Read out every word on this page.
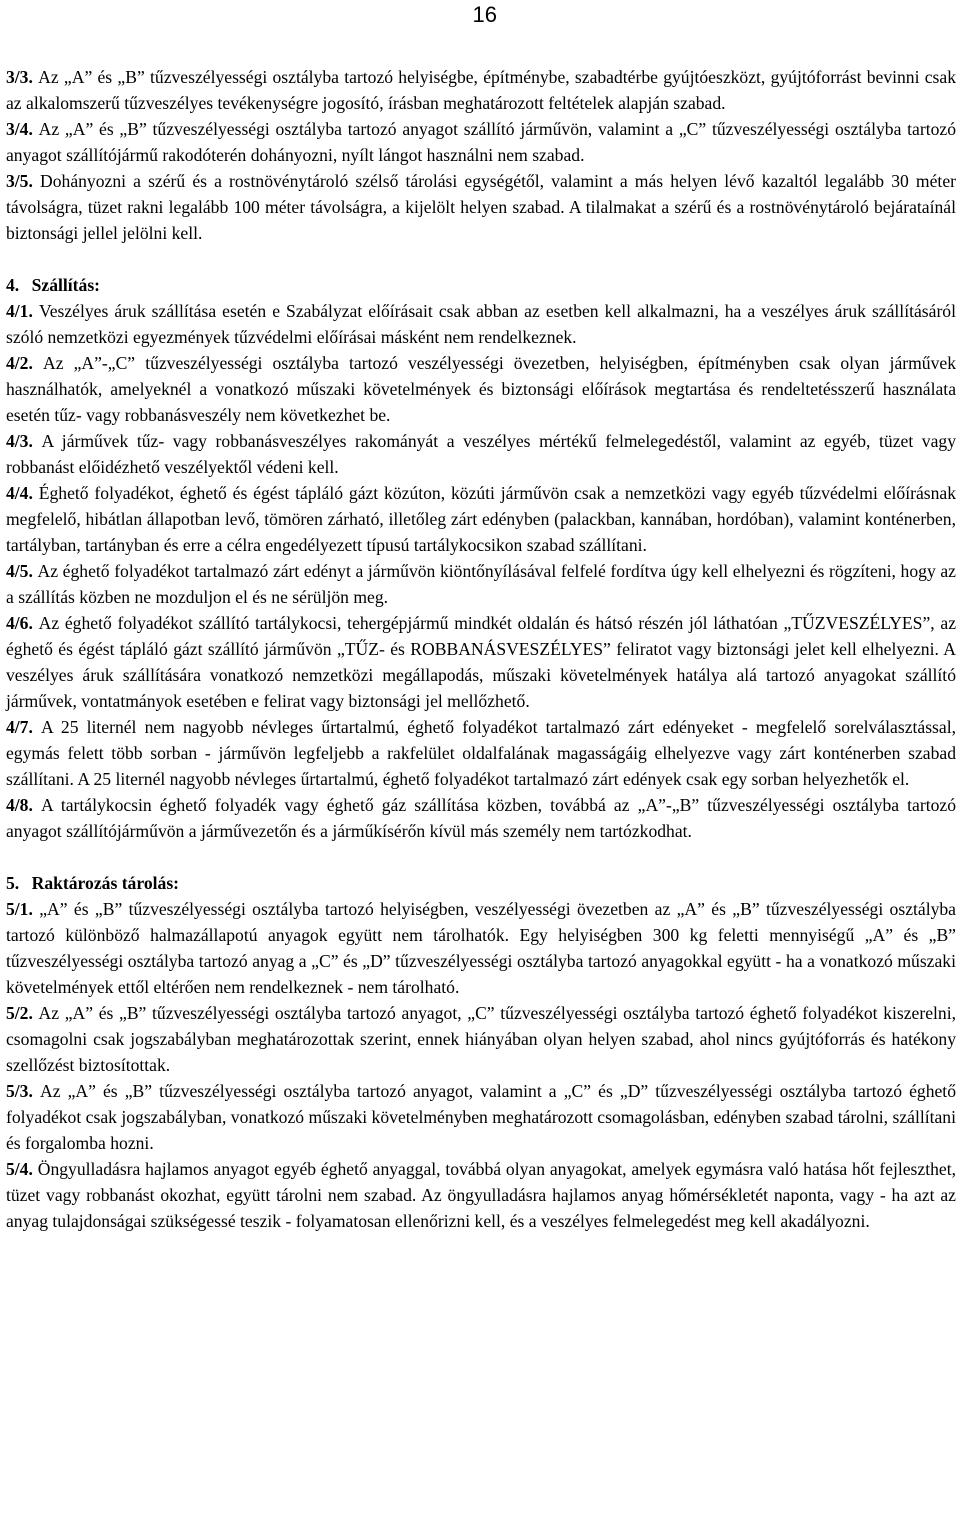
16

3/3. Az „A” és „B” tűzveszélyességi osztályba tartozó helyiségbe, építménybe, szabadtérbe gyújtóeszközt, gyújtóforrást bevinni csak az alkalomszerű tűzveszélyes tevékenységre jogosító, írásban meghatározott feltételek alapján szabad.

3/4. Az „A” és „B” tűzveszélyességi osztályba tartozó anyagot szállító járművön, valamint a „C” tűzveszélyességi osztályba tartozó anyagot szállítójármű rakodóterén dohányozni, nyílt lángot használni nem szabad.

3/5. Dohányozni a szérű és a rostnövénytároló szélső tárolási egységétől, valamint a más helyen lévő kazaltól legalább 30 méter távolságra, tüzet rakni legalább 100 méter távolságra, a kijelölt helyen szabad. A tilalmakat a szérű és a rostnövénytároló bejárataínál biztonsági jellel jelölni kell.

4. Szállítás:

4/1. Veszélyes áruk szállítása esetén e Szabályzat előírásait csak abban az esetben kell alkalmazni, ha a veszélyes áruk szállításáról szóló nemzetközi egyezmények tűzvédelmi előírásai másként nem rendelkeznek.

4/2. Az „A”-„C” tűzveszélyességi osztályba tartozó veszélyességi övezetben, helyiségben, építményben csak olyan járművek használhatók, amelyeknél a vonatkozó műszaki követelmények és biztonsági előírások megtartása és rendeltetésszerű használata esetén tűz- vagy robbanásveszély nem következhet be.

4/3. A járművek tűz- vagy robbanásveszélyes rakományát a veszélyes mértékű felmelegedéstől, valamint az egyéb, tüzet vagy robbanást előidézhető veszélyektől védeni kell.

4/4. Éghető folyadékot, éghető és égést tápláló gázt közúton, közúti járművön csak a nemzetközi vagy egyéb tűzvédelmi előírásnak megfelelő, hibátlan állapotban levő, tömören zárható, illetőleg zárt edényben (palackban, kannában, hordóban), valamint konténerben, tartályban, tartányban és erre a célra engedélyezett típusú tartálykocsikon szabad szállítani.

4/5. Az éghető folyadékot tartalmazó zárt edényt a járművön kiöntőnyílásával felfelé fordítva úgy kell elhelyezni és rögzíteni, hogy az a szállítás közben ne mozduljon el és ne sérüljön meg.

4/6. Az éghető folyadékot szállító tartálykocsi, tehergépjármű mindkét oldalán és hátsó részén jól láthatóan „TŰZVESZÉLYES”, az éghető és égést tápláló gázt szállító járművön „TŰZ- és ROBBANÁSVESZÉLYES” feliratot vagy biztonsági jelet kell elhelyezni. A veszélyes áruk szállítására vonatkozó nemzetközi megállapodás, műszaki követelmények hatálya alá tartozó anyagokat szállító járművek, vontatmányok esetében e felirat vagy biztonsági jel mellőzhető.

4/7. A 25 liternél nem nagyobb névleges űrtartalmú, éghető folyadékot tartalmazó zárt edényeket - megfelelő sorelválasztással, egymás felett több sorban - járművön legfeljebb a rakfelület oldalfalának magasságáig elhelyezve vagy zárt konténerben szabad szállítani. A 25 liternél nagyobb névleges űrtartalmú, éghető folyadékot tartalmazó zárt edények csak egy sorban helyezhetők el.

4/8. A tartálykocsin éghető folyadék vagy éghető gáz szállítása közben, továbbá az „A”-„B” tűzveszélyességi osztályba tartozó anyagot szállítójárművön a járművezetőn és a járműkísérőn kívül más személy nem tartózkodhat.

5. Raktározás tárolás:

5/1. „A” és „B” tűzveszélyességi osztályba tartozó helyiségben, veszélyességi övezetben az „A” és „B” tűzveszélyességi osztályba tartozó különböző halmazállapotú anyagok együtt nem tárolhatók. Egy helyiségben 300 kg feletti mennyiségű „A” és „B” tűzveszélyességi osztályba tartozó anyag a „C” és „D” tűzveszélyességi osztályba tartozó anyagokkal együtt - ha a vonatkozó műszaki követelmények ettől eltérően nem rendelkeznek - nem tárolható.

5/2. Az „A” és „B” tűzveszélyességi osztályba tartozó anyagot, „C” tűzveszélyességi osztályba tartozó éghető folyadékot kiszerelni, csomagolni csak jogszabályban meghatározottak szerint, ennek hiányában olyan helyen szabad, ahol nincs gyújtóforrás és hatékony szellőzést biztosítottak.

5/3. Az „A” és „B” tűzveszélyességi osztályba tartozó anyagot, valamint a „C” és „D” tűzveszélyességi osztályba tartozó éghető folyadékot csak jogszabályban, vonatkozó műszaki követelményben meghatározott csomagolásban, edényben szabad tárolni, szállítani és forgalomba hozni.

5/4. Öngyulladásra hajlamos anyagot egyéb éghető anyaggal, továbbá olyan anyagokat, amelyek egymásra való hatása hőt fejleszthet, tüzet vagy robbanást okozhat, együtt tárolni nem szabad. Az öngyulladásra hajlamos anyag hőmérsékletét naponta, vagy - ha azt az anyag tulajdonságai szükségessé teszik - folyamatosan ellenőrizni kell, és a veszélyes felmelegedést meg kell akadályozni.
